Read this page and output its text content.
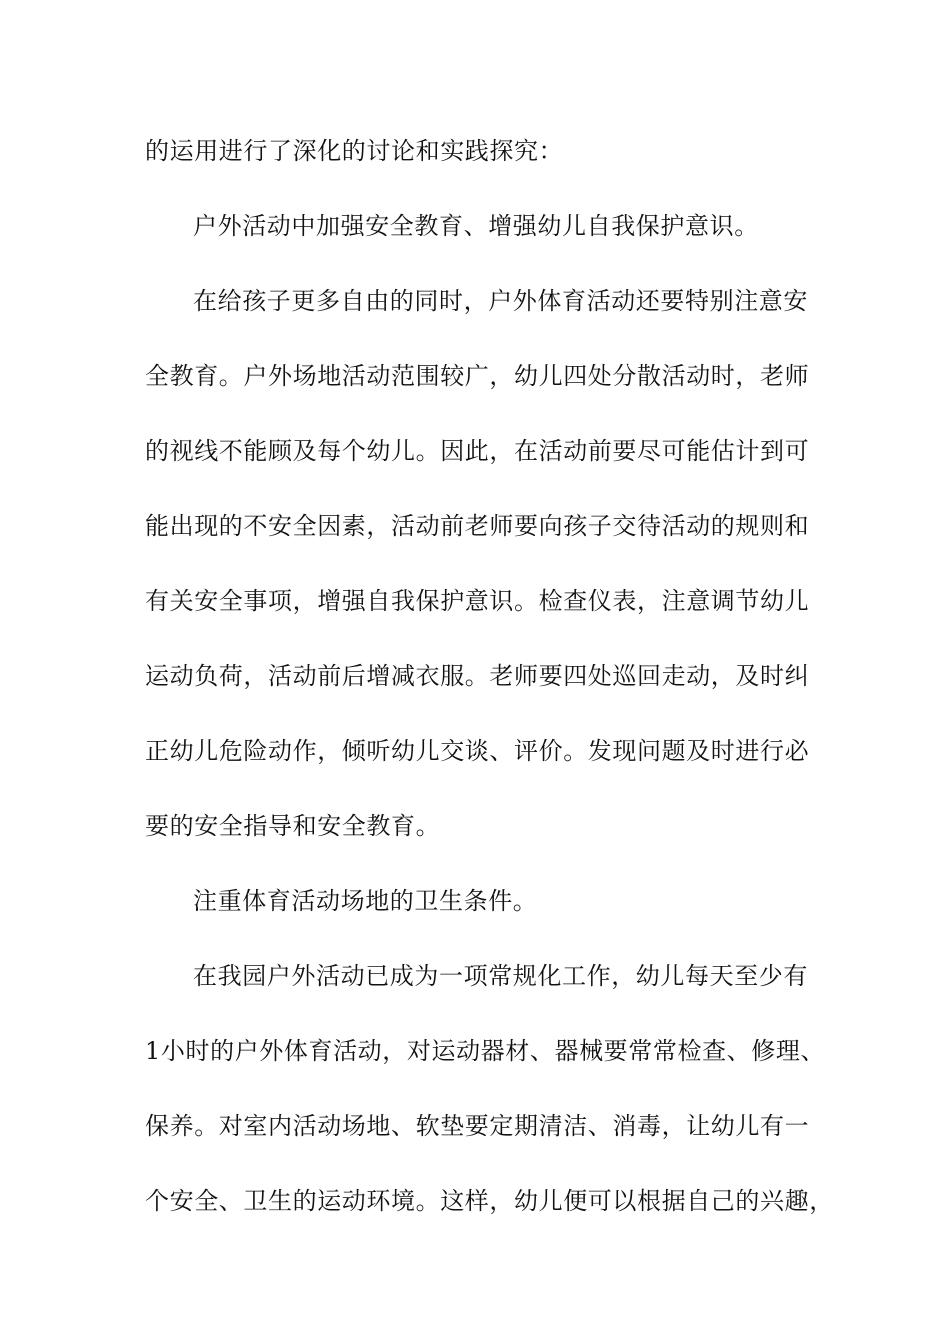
的运用进行了深化的讨论和实践探究：
户外活动中加强安全教育、增强幼儿自我保护意识。
在给孩子更多自由的同时，户外体育活动还要特别注意安
全教育。户外场地活动范围较广，幼儿四处分散活动时，老师
的视线不能顾及每个幼儿。因此，在活动前要尽可能估计到可
能出现的不安全因素，活动前老师要向孩子交待活动的规则和
有关安全事项，增强自我保护意识。检查仪表，注意调节幼儿
运动负荷，活动前后增减衣服。老师要四处巡回走动，及时纠
正幼儿危险动作，倾听幼儿交谈、评价。发现问题及时进行必
要的安全指导和安全教育。
注重体育活动场地的卫生条件。
在我园户外活动已成为一项常规化工作，幼儿每天至少有
1小时的户外体育活动，对运动器材、器械要常常检查、修理、
保养。对室内活动场地、软垫要定期清洁、消毒，让幼儿有一
个安全、卫生的运动环境。这样，幼儿便可以根据自己的兴趣，
